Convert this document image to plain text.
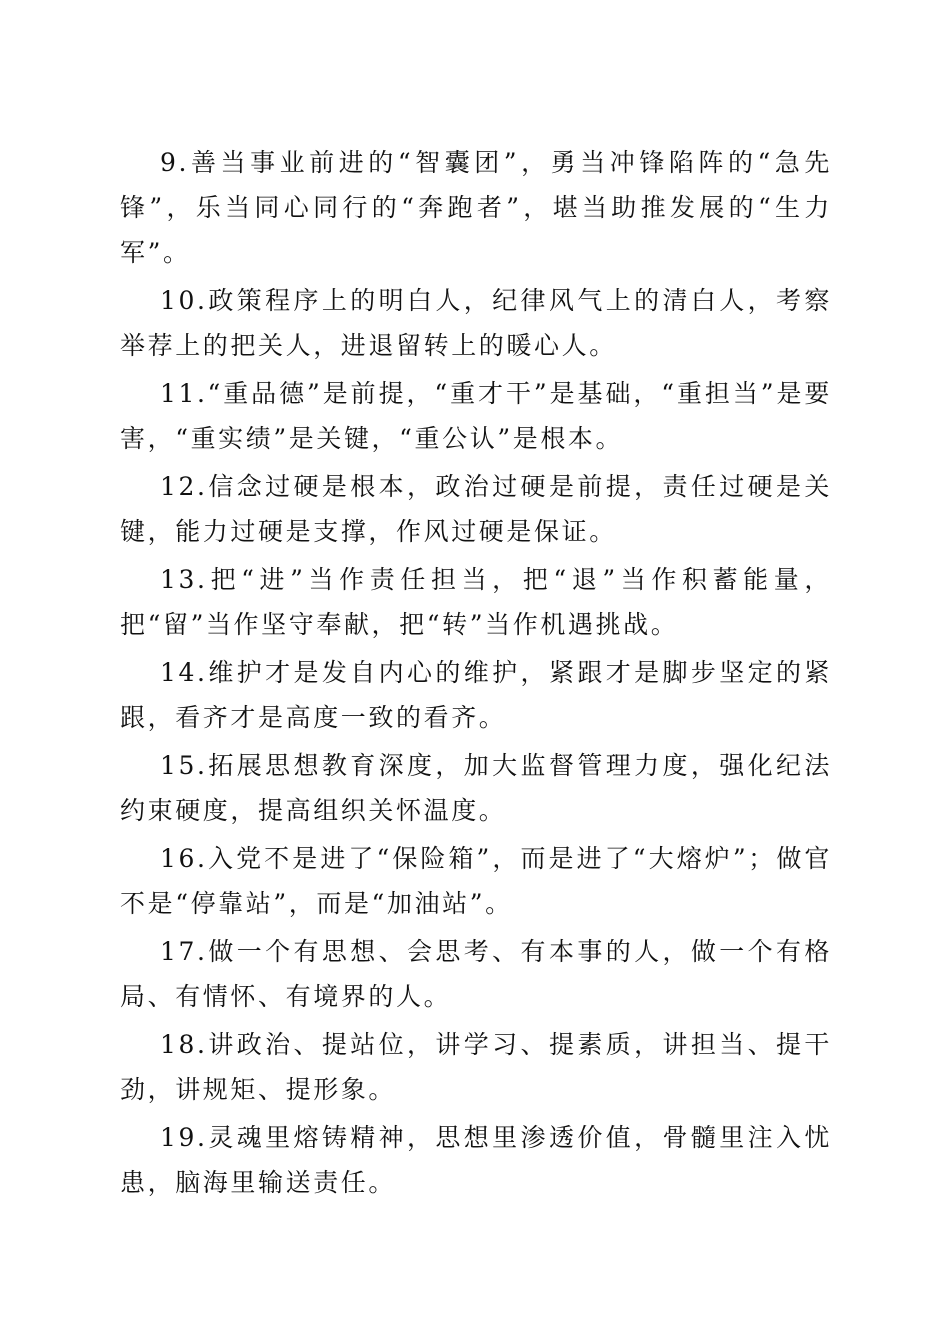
9.善当事业前进的“智囊团”，勇当冲锋陷阵的“急先锋”，乐当同心同行的“奔跑者”，堪当助推发展的“生力军”。

10.政策程序上的明白人，纪律风气上的清白人，考察举荐上的把关人，进退留转上的暖心人。

11.“重品德”是前提，“重才干”是基础，“重担当”是要害，“重实绩”是关键，“重公认”是根本。

12.信念过硬是根本，政治过硬是前提，责任过硬是关键，能力过硬是支撑，作风过硬是保证。

13.把“进”当作责任担当，把“退”当作积蓄能量，把“留”当作坚守奉献，把“转”当作机遇挑战。

14.维护才是发自内心的维护，紧跟才是脚步坚定的紧跟，看齐才是高度一致的看齐。

15.拓展思想教育深度，加大监督管理力度，强化纪法约束硬度，提高组织关怀温度。

16.入党不是进了“保险箱”，而是进了“大熔炉”；做官不是“停靠站”，而是“加油站”。

17.做一个有思想、会思考、有本事的人，做一个有格局、有情怀、有境界的人。

18.讲政治、提站位，讲学习、提素质，讲担当、提干劲，讲规矩、提形象。

19.灵魂里熔铸精神，思想里渗透价值，骨髓里注入忧患，脑海里输送责任。
